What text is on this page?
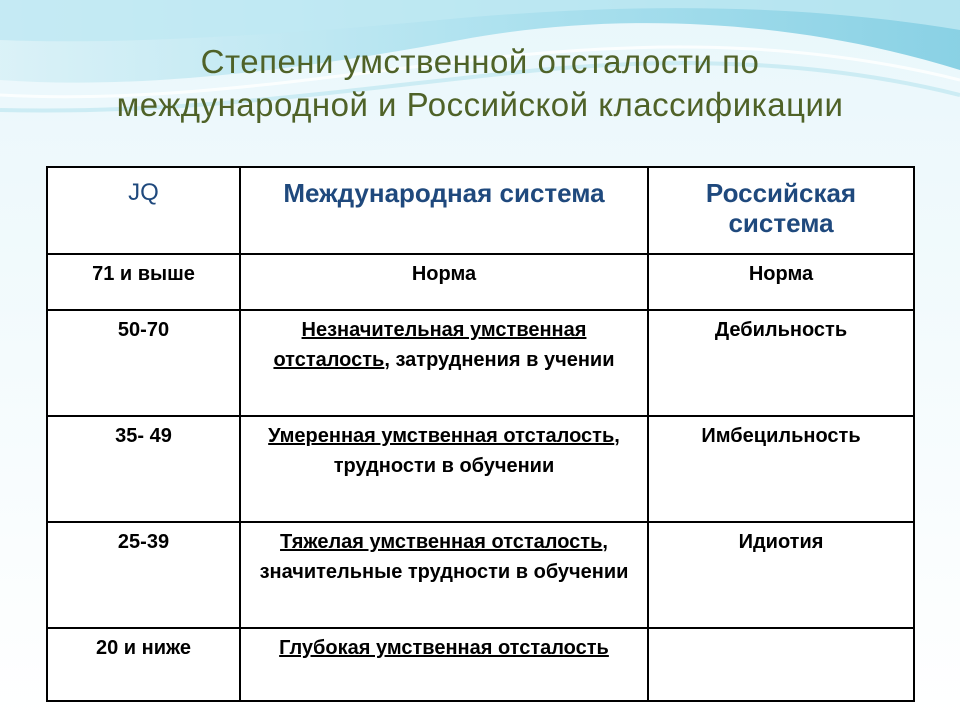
Степени умственной отсталости по
международной и Российской классификации
JQ	Международная система	Российская система
71 и выше	Норма	Норма
50-70	Незначительная умственная отсталость, затруднения в учении	Дебильность
35- 49	Умеренная умственная отсталость, трудности в обучении	Имбецильность
25-39	Тяжелая умственная отсталость, значительные трудности в обучении	Идиотия
20 и ниже	Глубокая умственная отсталость	
